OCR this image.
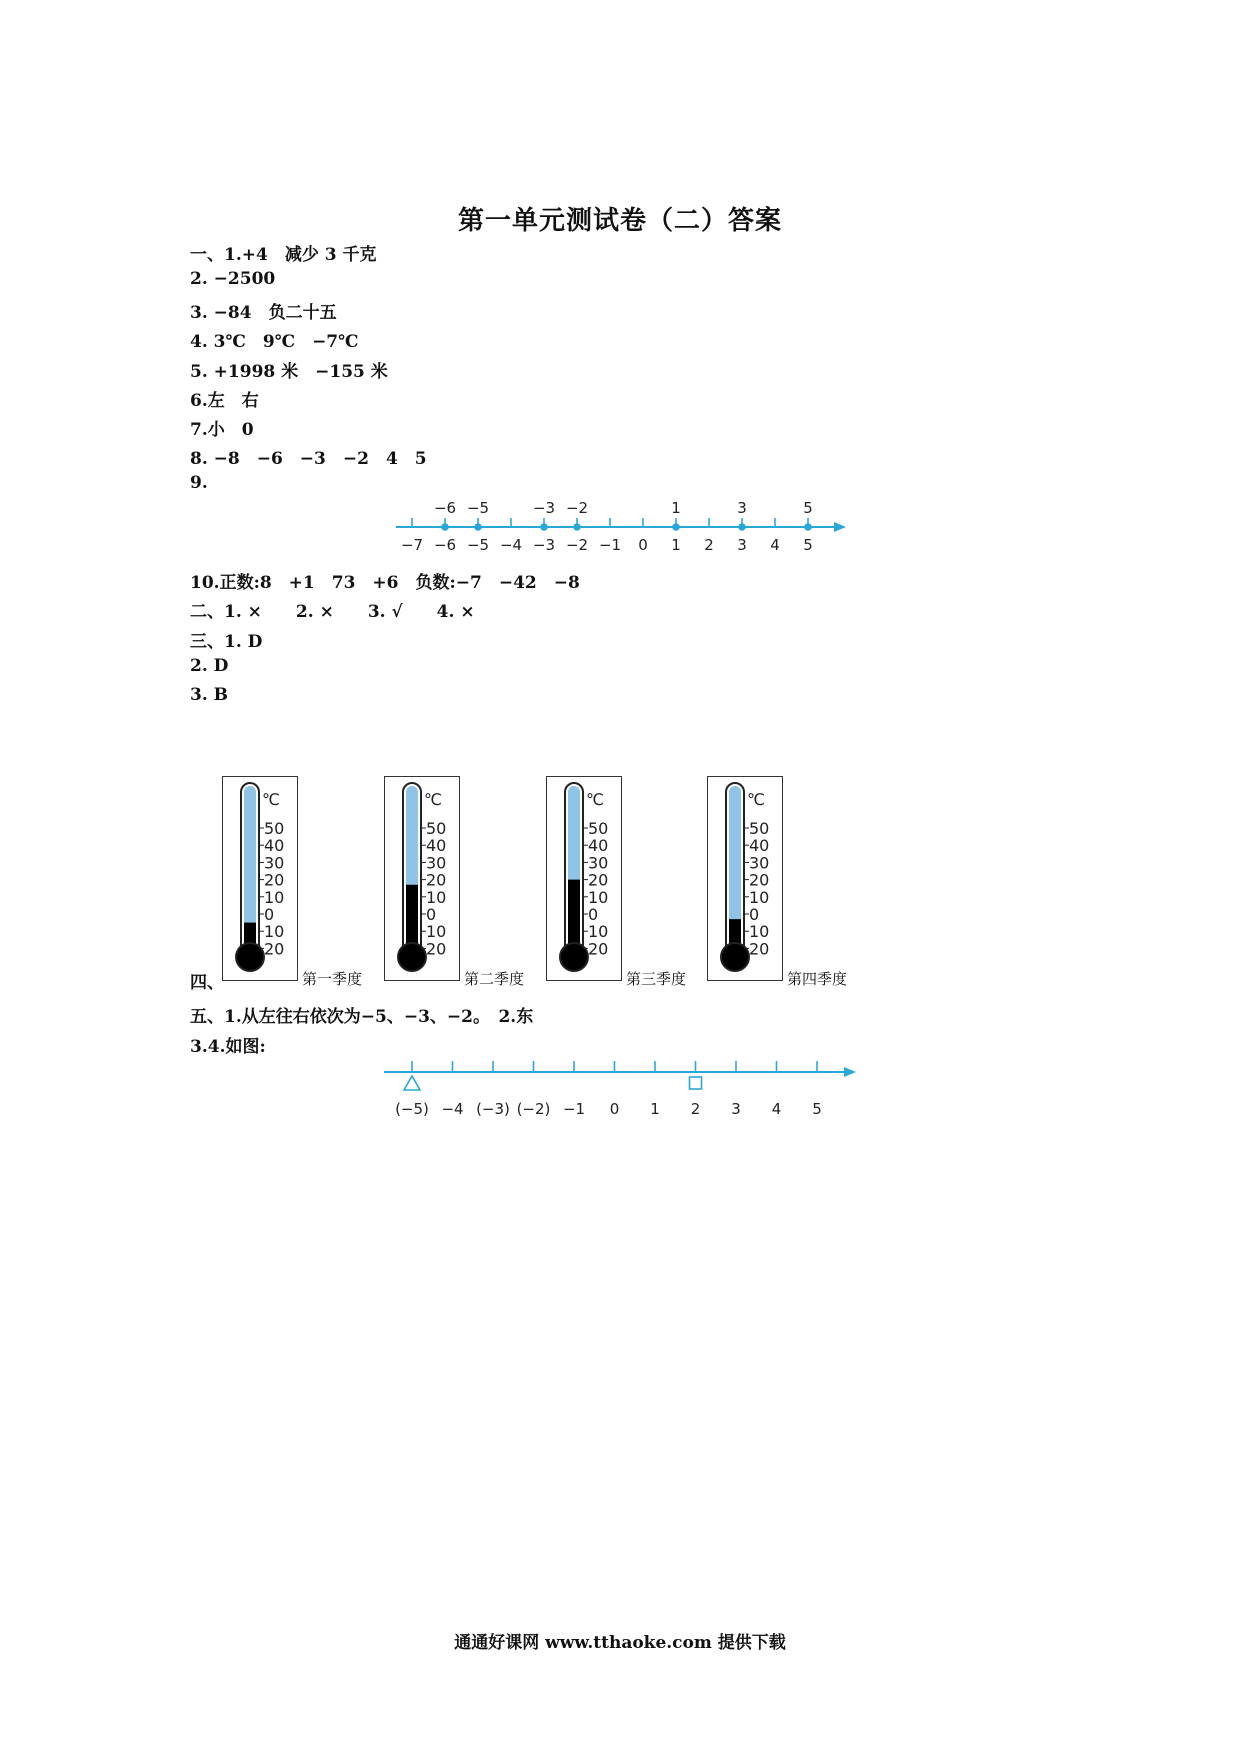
第一单元测试卷（二）答案
一、1.+4　减少 3 千克
2. −2500
3. −84　负二十五
4. 3℃　9℃　−7℃
5. +1998 米　−155 米
6.左　右
7.小　0
8. −8　−6　−3　−2　4　5
9.
−7 −6
−6
−5
−5
−4 −3
−3
−2
−2
−1 0 1
1
2 3
3
4 5
5
10.正数:8　+1　73　+6　负数:−7　−42　−8
二、1. ×　　2. ×　　3. √　　4. ×
三、1. D
2. D
3. B
四、
℃
50
40
30
20
10
0
10
20
℃
50
40
30
20
10
0
10
20
℃
50
40
30
20
10
0
10
20
℃
50
40
30
20
10
0
10
20
第一季度	第二季度	第三季度	第四季度
五、1.从左往右依次为−5、−3、−2。　2.东
3.4.如图:
(−5) −4 (−3) (−2) −1 0 1 2 3 4 5
通通好课网 www.tthaoke.com 提供下载
